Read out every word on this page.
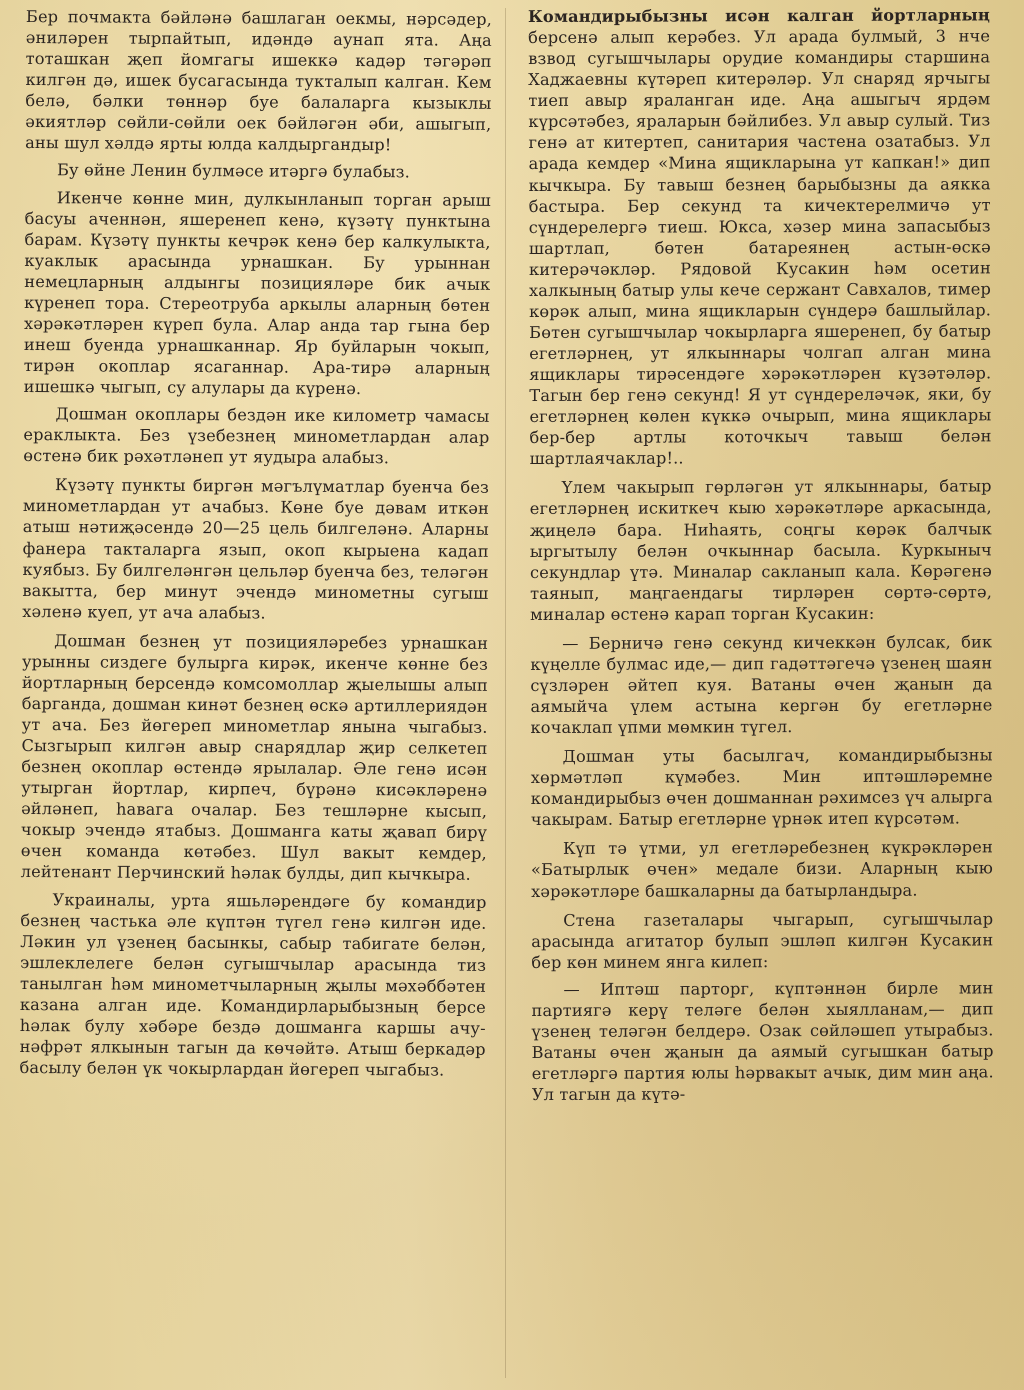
Бер почмакта бәйләнә башлаган оекмы, нәрсәдер, әниләрен тырпайтып, идәндә аунап ята. Аңа тоташкан җеп йомгагы ишеккә кадәр тәгәрәп килгән дә, ишек бусагасында тукталып калган. Кем белә, бәлки төннәр буе балаларга кызыклы әкиятләр сөйли-сөйли оек бәйләгән әби, ашыгып, аны шул хәлдә ярты юлда калдыргандыр!

Бу өйне Ленин булмәсе итәргә булабыз.

Икенче көнне мин, дулкынланып торган арыш басуы аченнән, яшеренеп кенә, күзәтү пунктына барам. Күзәтү пункты кечрәк кенә бер калкулыкта, куаклык арасында урнашкан. Бу урыннан немецларның алдынгы позицияләре бик ачык күренеп тора. Стереотруба аркылы аларның бөтен хәрәкәтләрен күреп була. Алар анда тар гына бер инеш буенда урнашканнар. Яр буйларын чокып, тирән окоплар ясаганнар. Ара-тирә аларның ишешкә чыгып, су алулары да күренә.

Дошман окоплары бездән ике километр чамасы ераклыкта. Без үзебезнең минометлардан алар өстенә бик рәхәтләнеп ут яудыра алабыз.

Күзәтү пункты биргән мәгълүматлар буенча без минометлардан ут ачабыз. Көне буе дәвам иткән атыш нәтиҗәсендә 20—25 цель билгеләнә. Аларны фанера такталарга язып, окоп кырыена кадап куябыз. Бу билгеләнгән цельләр буенча без, теләгән вакытта, бер минут эчендә минометны сугыш хәленә куеп, ут ача алабыз.

Дошман безнең ут позицияләребез урнашкан урынны сиздеге булырга кирәк, икенче көнне без йортларның берсендә комсомоллар җыелышы алып барганда, дошман кинәт безнең өскә артиллериядән ут ача. Без йөгереп минометлар янына чыгабыз. Сызгырып килгән авыр снарядлар җир селкетеп безнең окоплар өстендә ярылалар. Әле генә исән утырган йортлар, кирпеч, бүрәнә кисәкләренә әйләнеп, һавага очалар. Без тешләрне кысып, чокыр эчендә ятабыз. Дошманга каты җавап бирү өчен команда көтәбез. Шул вакыт кемдер, лейтенант Перчинский һәлак булды, дип кычкыра.

Украиналы, урта яшьләрендәге бу командир безнең частька әле күптән түгел генә килгән иде. Ләкин ул үзенең басынкы, сабыр табигате белән, эшлеклелеге белән сугышчылар арасында тиз танылган һәм минометчыларның җылы мәхәббәтен казана алган иде. Командирларыбызның берсе һәлак булу хәбәре бездә дошманга каршы ачу-нәфрәт ялкынын тагын да көчәйтә. Атыш беркадәр басылу белән үк чокырлардан йөгереп чыгабыз.

Командирыбызны исән калган йортларның берсенә алып керәбез. Ул арада булмый, 3 нче взвод сугышчылары орудие командиры старшина Хаджаевны күтәреп китерәләр. Ул снаряд ярчыгы тиеп авыр яраланган иде. Аңа ашыгыч ярдәм күрсәтәбез, яраларын бәйлибез. Ул авыр сулый. Тиз генә ат китертеп, санитария частена озатабыз. Ул арада кемдер «Мина ящикларына ут капкан!» дип кычкыра. Бу тавыш безнең барыбызны да аякка бастыра. Бер секунд та кичектерелмичә ут сүндерелергә тиеш. Юкса, хәзер мина запасыбыз шартлап, бөтен батареянең астын-өскә китерәчәкләр. Рядовой Кусакин һәм осетин халкының батыр улы кече сержант Савхалов, тимер көрәк алып, мина ящикларын сүндерә башлыйлар. Бөтен сугышчылар чокырларга яшеренеп, бу батыр егетләрнең, ут ялкыннары чолгап алган мина ящиклары тирәсендәге хәрәкәтләрен күзәтәләр. Тагын бер генә секунд! Я ут сүндереләчәк, яки, бу егетләрнең көлен күккә очырып, мина ящиклары бер-бер артлы коточкыч тавыш белән шартлаячаклар!..

Үлем чакырып гөрләгән ут ялкыннары, батыр егетләрнең искиткеч кыю хәрәкәтләре аркасында, җиңелә бара. Ниһаять, соңгы көрәк балчык ыргытылу белән очкыннар басыла. Куркыныч секундлар үтә. Миналар сакланып кала. Көрәгенә таянып, маңгаендагы тирләрен сөртә-сөртә, миналар өстенә карап торган Кусакин:

— Берничә генә секунд кичеккән булсак, бик күңелле булмас иде,— дип гадәттәгечә үзенең шаян сүзләрен әйтеп куя. Ватаны өчен җанын да аямыйча үлем астына кергән бу егетләрне кочаклап үпми мөмкин түгел.

Дошман уты басылгач, командирыбызны хөрмәтләп күмәбез. Мин иптәшләремне командирыбыз өчен дошманнан рәхимсез үч алырга чакырам. Батыр егетләрне үрнәк итеп күрсәтәм.

Күп тә үтми, ул егетләребезнең күкрәкләрен «Батырлык өчен» медале бизи. Аларның кыю хәрәкәтләре башкаларны да батырландыра.

Стена газеталары чыгарып, сугышчылар арасында агитатор булып эшләп килгән Кусакин бер көн минем янга килеп:

— Иптәш парторг, күптәннән бирле мин партиягә керү теләге белән хыялланам,— дип үзенең теләгән белдерә. Озак сөйләшеп утырабыз. Ватаны өчен җанын да аямый сугышкан батыр егетләргә партия юлы һәрвакыт ачык, дим мин аңа. Ул тагын да күтә-
